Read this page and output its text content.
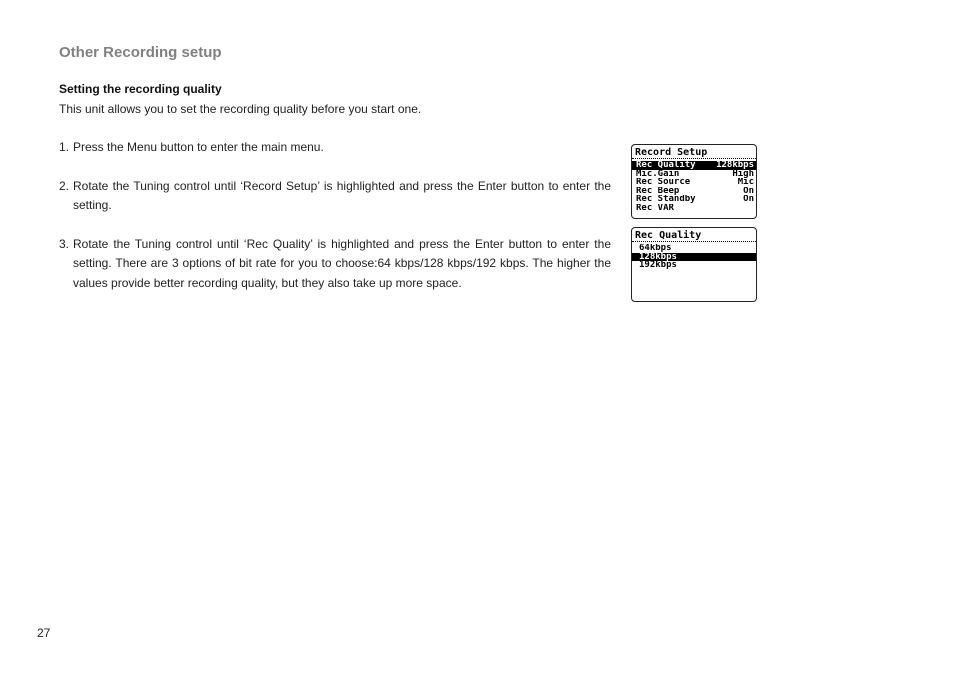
Other Recording setup
Setting the recording quality
This unit allows you to set the recording quality before you start one.
1. Press the Menu button to enter the main menu.
2. Rotate the Tuning control until ‘Record Setup’ is highlighted and press the Enter button to enter the setting.
3. Rotate the Tuning control until ‘Rec Quality’ is highlighted and press the Enter button to enter the setting. There are 3 options of bit rate for you to choose:64 kbps/128 kbps/192 kbps. The higher the values provide better recording quality, but they also take up more space.
Record Setup
Rec Quality 128kbps
Mic.Gain	High
Rec Source	Mic
Rec Beep	On
Rec Standby	On
Rec VAR
Rec Quality
64kbps
128kbps
192kbps
27
